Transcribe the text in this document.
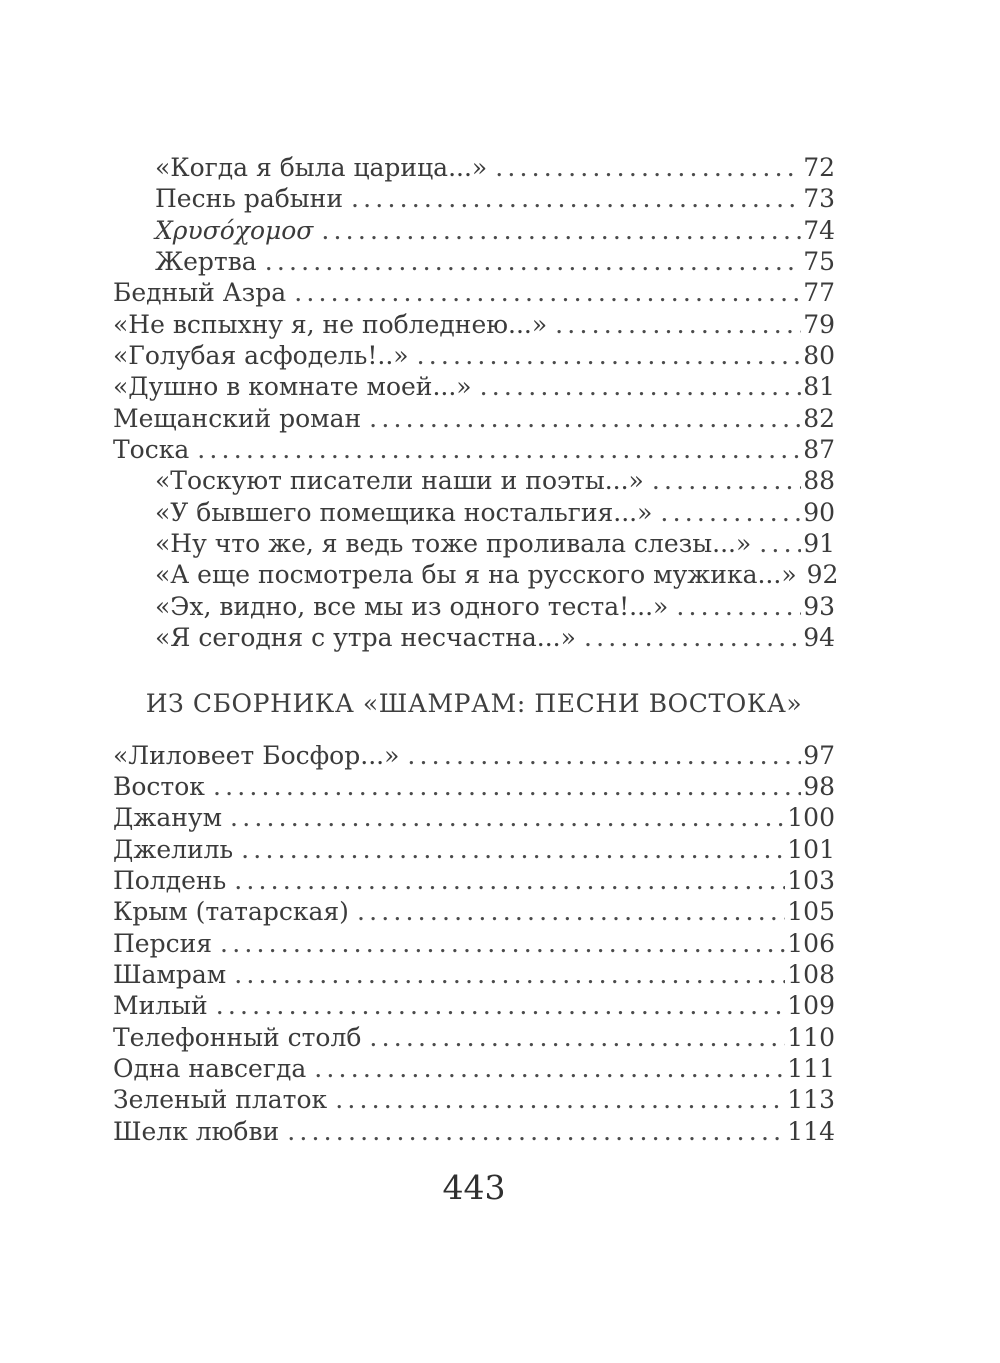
«Когда я была царица...» .....	72
Песнь рабыни .....	73
Χρυσόχομοσ .....	74
Жертва .....	75
Бедный Азра .....	77
«Не вспыхну я, не побледнею...» .....	79
«Голубая асфодель!..» .....	80
«Душно в комнате моей...» .....	81
Мещанский роман .....	82
Тоска .....	87
«Тоскуют писатели наши и поэты...» .....	88
«У бывшего помещика ностальгия...» .....	90
«Ну что же, я ведь тоже проливала слезы...» ..... 91
«А еще посмотрела бы я на русского мужика...» 92
«Эх, видно, все мы из одного теста!...» .....	93
«Я сегодня с утра несчастна...» .....	94
ИЗ СБОРНИКА «ШАМРАМ: ПЕСНИ ВОСТОКА»
«Лиловеет Босфор...» .....	97
Восток .....	98
Джанум .....	100
Джелиль .....	101
Полдень .....	103
Крым (татарская) .....	105
Персия .....	106
Шамрам .....	108
Милый .....	109
Телефонный столб .....	110
Одна навсегда .....	111
Зеленый платок .....	113
Шелк любви .....	114
443
